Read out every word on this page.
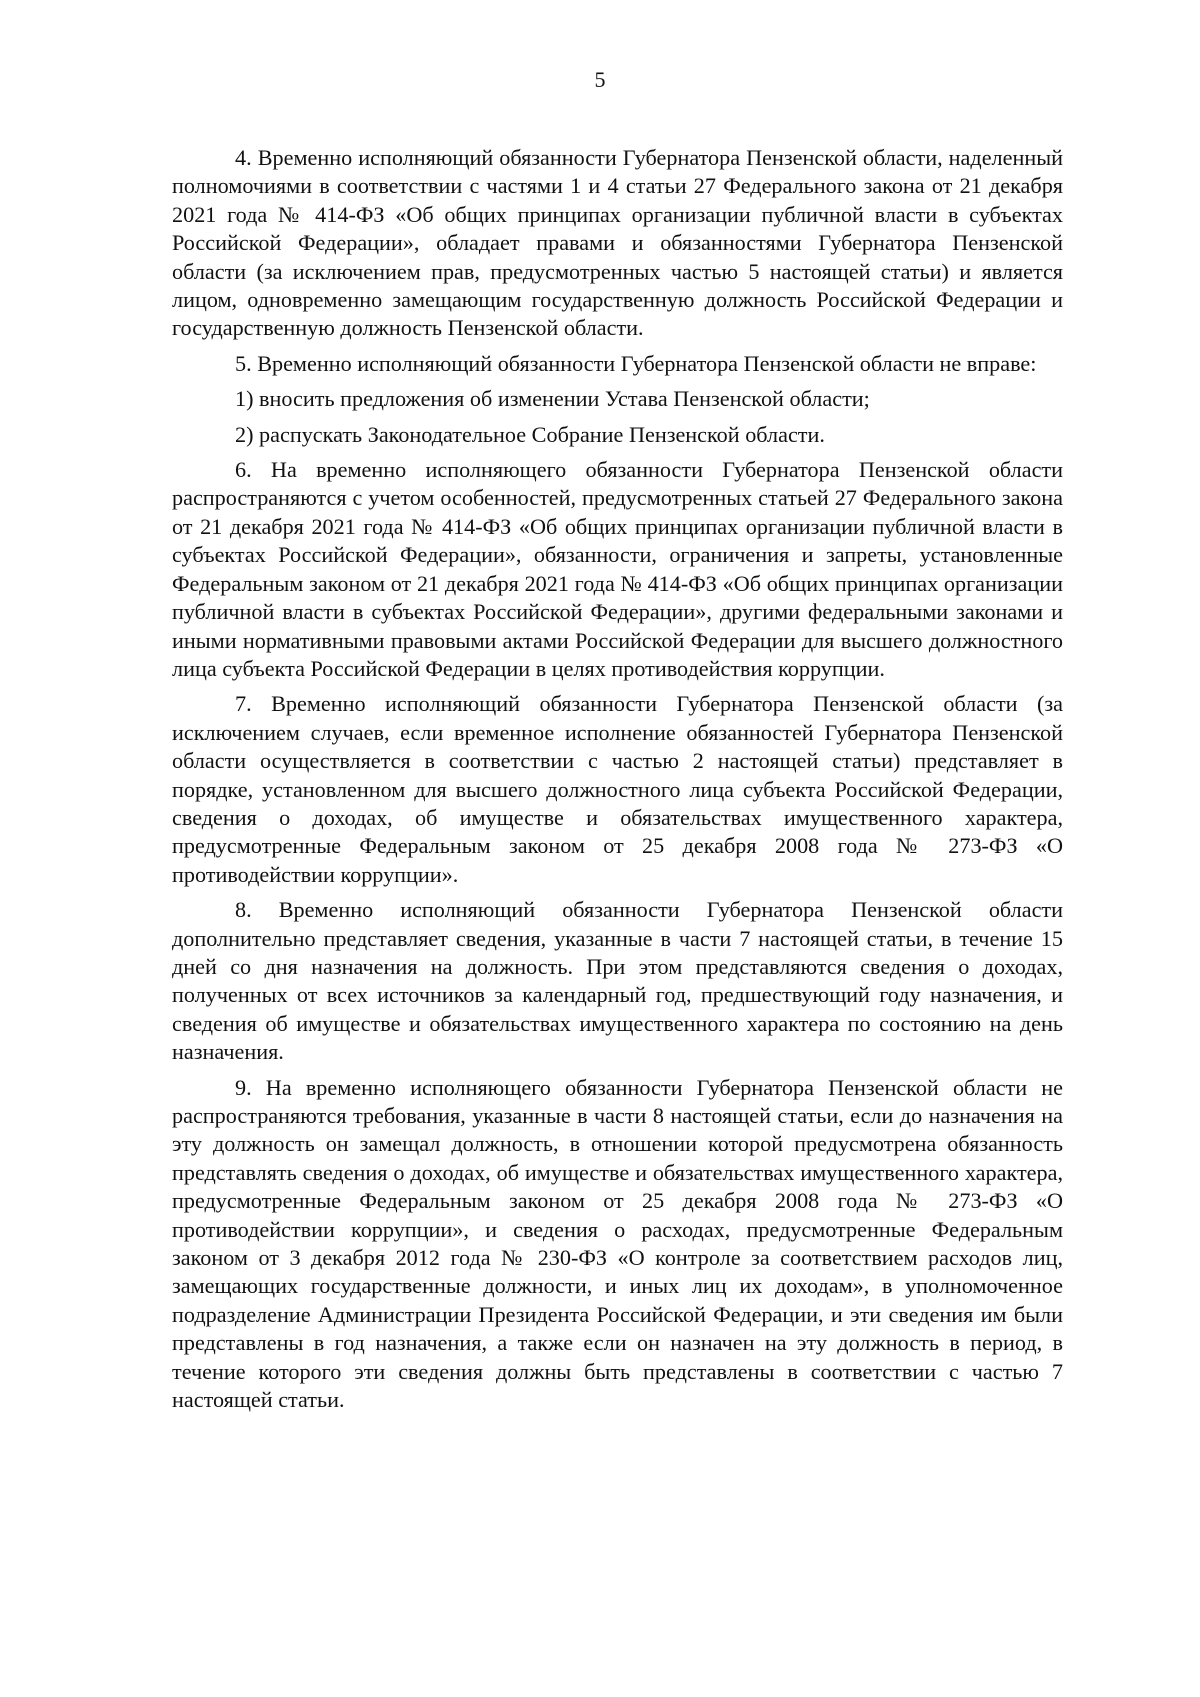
5

4. Временно исполняющий обязанности Губернатора Пензенской области, наделенный полномочиями в соответствии с частями 1 и 4 статьи 27 Федерального закона от 21 декабря 2021 года № 414-ФЗ «Об общих принципах организации публичной власти в субъектах Российской Федерации», обладает правами и обязанностями Губернатора Пензенской области (за исключением прав, предусмотренных частью 5 настоящей статьи) и является лицом, одновременно замещающим государственную должность Российской Федерации и государственную должность Пензенской области.

5. Временно исполняющий обязанности Губернатора Пензенской области не вправе:

1) вносить предложения об изменении Устава Пензенской области;

2) распускать Законодательное Собрание Пензенской области.

6. На временно исполняющего обязанности Губернатора Пензенской области распространяются с учетом особенностей, предусмотренных статьей 27 Федерального закона от 21 декабря 2021 года № 414-ФЗ «Об общих принципах организации публичной власти в субъектах Российской Федерации», обязанности, ограничения и запреты, установленные Федеральным законом от 21 декабря 2021 года № 414-ФЗ «Об общих принципах организации публичной власти в субъектах Российской Федерации», другими федеральными законами и иными нормативными правовыми актами Российской Федерации для высшего должностного лица субъекта Российской Федерации в целях противодействия коррупции.

7. Временно исполняющий обязанности Губернатора Пензенской области (за исключением случаев, если временное исполнение обязанностей Губернатора Пензенской области осуществляется в соответствии с частью 2 настоящей статьи) представляет в порядке, установленном для высшего должностного лица субъекта Российской Федерации, сведения о доходах, об имуществе и обязательствах имущественного характера, предусмотренные Федеральным законом от 25 декабря 2008 года № 273-ФЗ «О противодействии коррупции».

8. Временно исполняющий обязанности Губернатора Пензенской области дополнительно представляет сведения, указанные в части 7 настоящей статьи, в течение 15 дней со дня назначения на должность. При этом представляются сведения о доходах, полученных от всех источников за календарный год, предшествующий году назначения, и сведения об имуществе и обязательствах имущественного характера по состоянию на день назначения.

9. На временно исполняющего обязанности Губернатора Пензенской области не распространяются требования, указанные в части 8 настоящей статьи, если до назначения на эту должность он замещал должность, в отношении которой предусмотрена обязанность представлять сведения о доходах, об имуществе и обязательствах имущественного характера, предусмотренные Федеральным законом от 25 декабря 2008 года № 273-ФЗ «О противодействии коррупции», и сведения о расходах, предусмотренные Федеральным законом от 3 декабря 2012 года № 230-ФЗ «О контроле за соответствием расходов лиц, замещающих государственные должности, и иных лиц их доходам», в уполномоченное подразделение Администрации Президента Российской Федерации, и эти сведения им были представлены в год назначения, а также если он назначен на эту должность в период, в течение которого эти сведения должны быть представлены в соответствии с частью 7 настоящей статьи.
